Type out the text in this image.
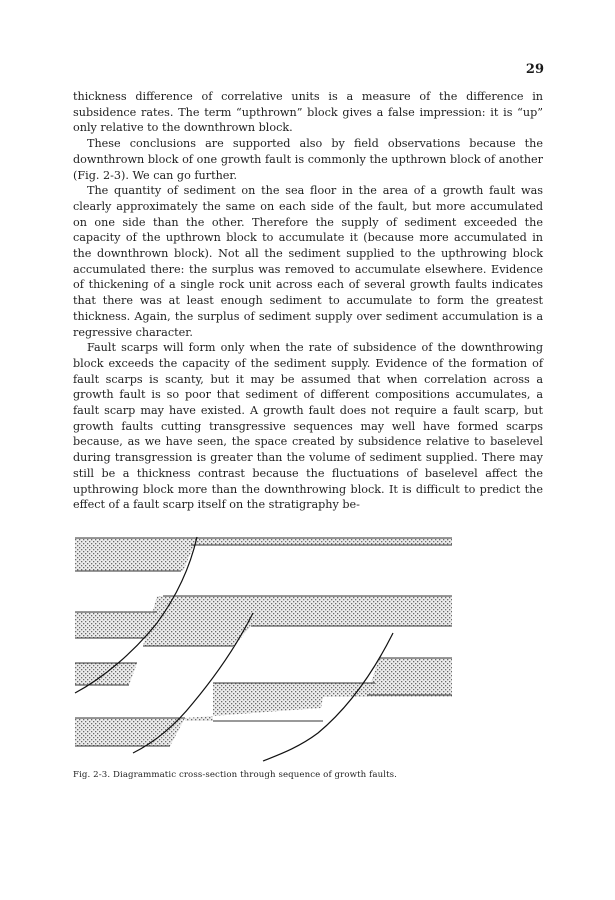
29

thickness difference of correlative units is a measure of the difference in subsidence rates. The term “upthrown” block gives a false impression: it is “up” only relative to the downthrown block.

These conclusions are supported also by field observations because the downthrown block of one growth fault is commonly the upthrown block of another (Fig. 2-3). We can go further.

The quantity of sediment on the sea floor in the area of a growth fault was clearly approximately the same on each side of the fault, but more accumulated on one side than the other. Therefore the supply of sediment exceeded the capacity of the upthrown block to accumulate it (because more accumulated in the downthrown block). Not all the sediment supplied to the upthrowing block accumulated there: the surplus was removed to accumulate elsewhere. Evidence of thickening of a single rock unit across each of several growth faults indicates that there was at least enough sediment to accumulate to form the greatest thickness. Again, the surplus of sediment supply over sediment accumulation is a regressive character.

Fault scarps will form only when the rate of subsidence of the downthrowing block exceeds the capacity of the sediment supply. Evidence of the formation of fault scarps is scanty, but it may be assumed that when correlation across a growth fault is so poor that sediment of different compositions accumulates, a fault scarp may have existed. A growth fault does not require a fault scarp, but growth faults cutting transgressive sequences may well have formed scarps because, as we have seen, the space created by subsidence relative to baselevel during transgression is greater than the volume of sediment supplied. There may still be a thickness contrast because the fluctuations of baselevel affect the upthrowing block more than the downthrowing block. It is difficult to predict the effect of a fault scarp itself on the stratigraphy be-

Fig. 2-3. Diagrammatic cross-section through sequence of growth faults.
